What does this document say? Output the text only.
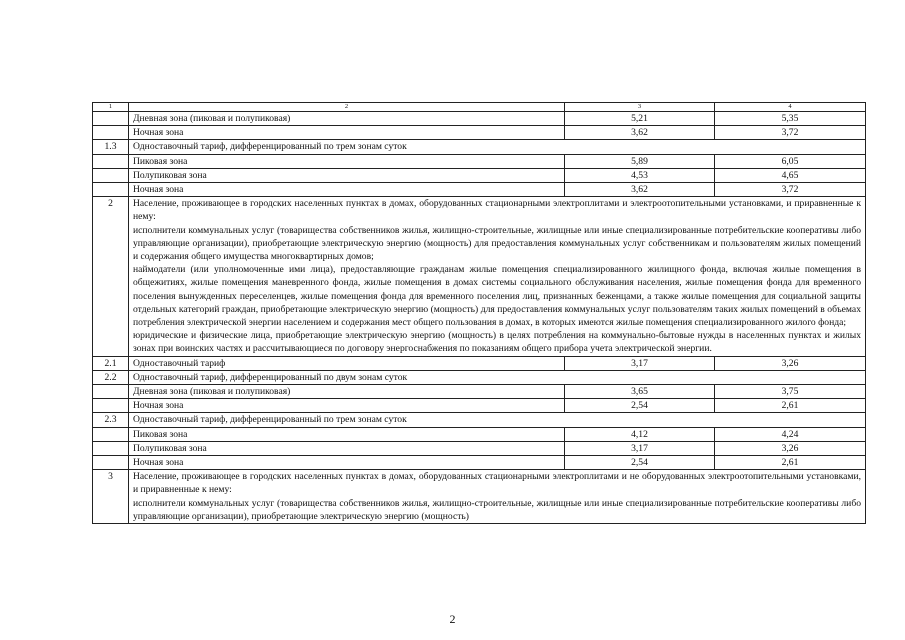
1	2	3	4
	Дневная зона (пиковая и полупиковая)	5,21	5,35
	Ночная зона	3,62	3,72
1.3	Одноставочный тариф, дифференцированный по трем зонам суток		
	Пиковая зона	5,89	6,05
	Полупиковая зона	4,53	4,65
	Ночная зона	3,62	3,72
2	Население, проживающее в городских населенных пунктах в домах, оборудованных стационарными электроплитами и электроотопительными установками, и приравненные к нему:

исполнители коммунальных услуг (товарищества собственников жилья, жилищно-строительные, жилищные или иные специализированные потребительские кооперативы либо управляющие организации), приобретающие электрическую энергию (мощность) для предоставления коммунальных услуг собственникам и пользователям жилых помещений и содержания общего имущества многоквартирных домов;

наймодатели (или уполномоченные ими лица), предоставляющие гражданам жилые помещения специализированного жилищного фонда, включая жилые помещения в общежитиях, жилые помещения маневренного фонда, жилые помещения в домах системы социального обслуживания населения, жилые помещения фонда для временного поселения вынужденных переселенцев, жилые помещения фонда для временного поселения лиц, признанных беженцами, а также жилые помещения для социальной защиты отдельных категорий граждан, приобретающие электрическую энергию (мощность) для предоставления коммунальных услуг пользователям таких жилых помещений в объемах потребления электрической энергии населением и содержания мест общего пользования в домах, в которых имеются жилые помещения специализированного жилого фонда;

юридические и физические лица, приобретающие электрическую энергию (мощность) в целях потребления на коммунально-бытовые нужды в населенных пунктах и жилых зонах при воинских частях и рассчитывающиеся по договору энергоснабжения по показаниям общего прибора учета электрической энергии.		

2.1	Одноставочный тариф	3,17	3,26
2.2	Одноставочный тариф, дифференцированный по двум зонам суток		
	Дневная зона (пиковая и полупиковая)	3,65	3,75
	Ночная зона	2,54	2,61
2.3	Одноставочный тариф, дифференцированный по трем зонам суток		
	Пиковая зона	4,12	4,24
	Полупиковая зона	3,17	3,26
	Ночная зона	2,54	2,61
3	Население, проживающее в городских населенных пунктах в домах, оборудованных стационарными электроплитами и не оборудованных электроотопительными установками, и приравненные к нему:

исполнители коммунальных услуг (товарищества собственников жилья, жилищно-строительные, жилищные или иные специализированные потребительские кооперативы либо управляющие организации), приобретающие электрическую энергию (мощность)		

2
